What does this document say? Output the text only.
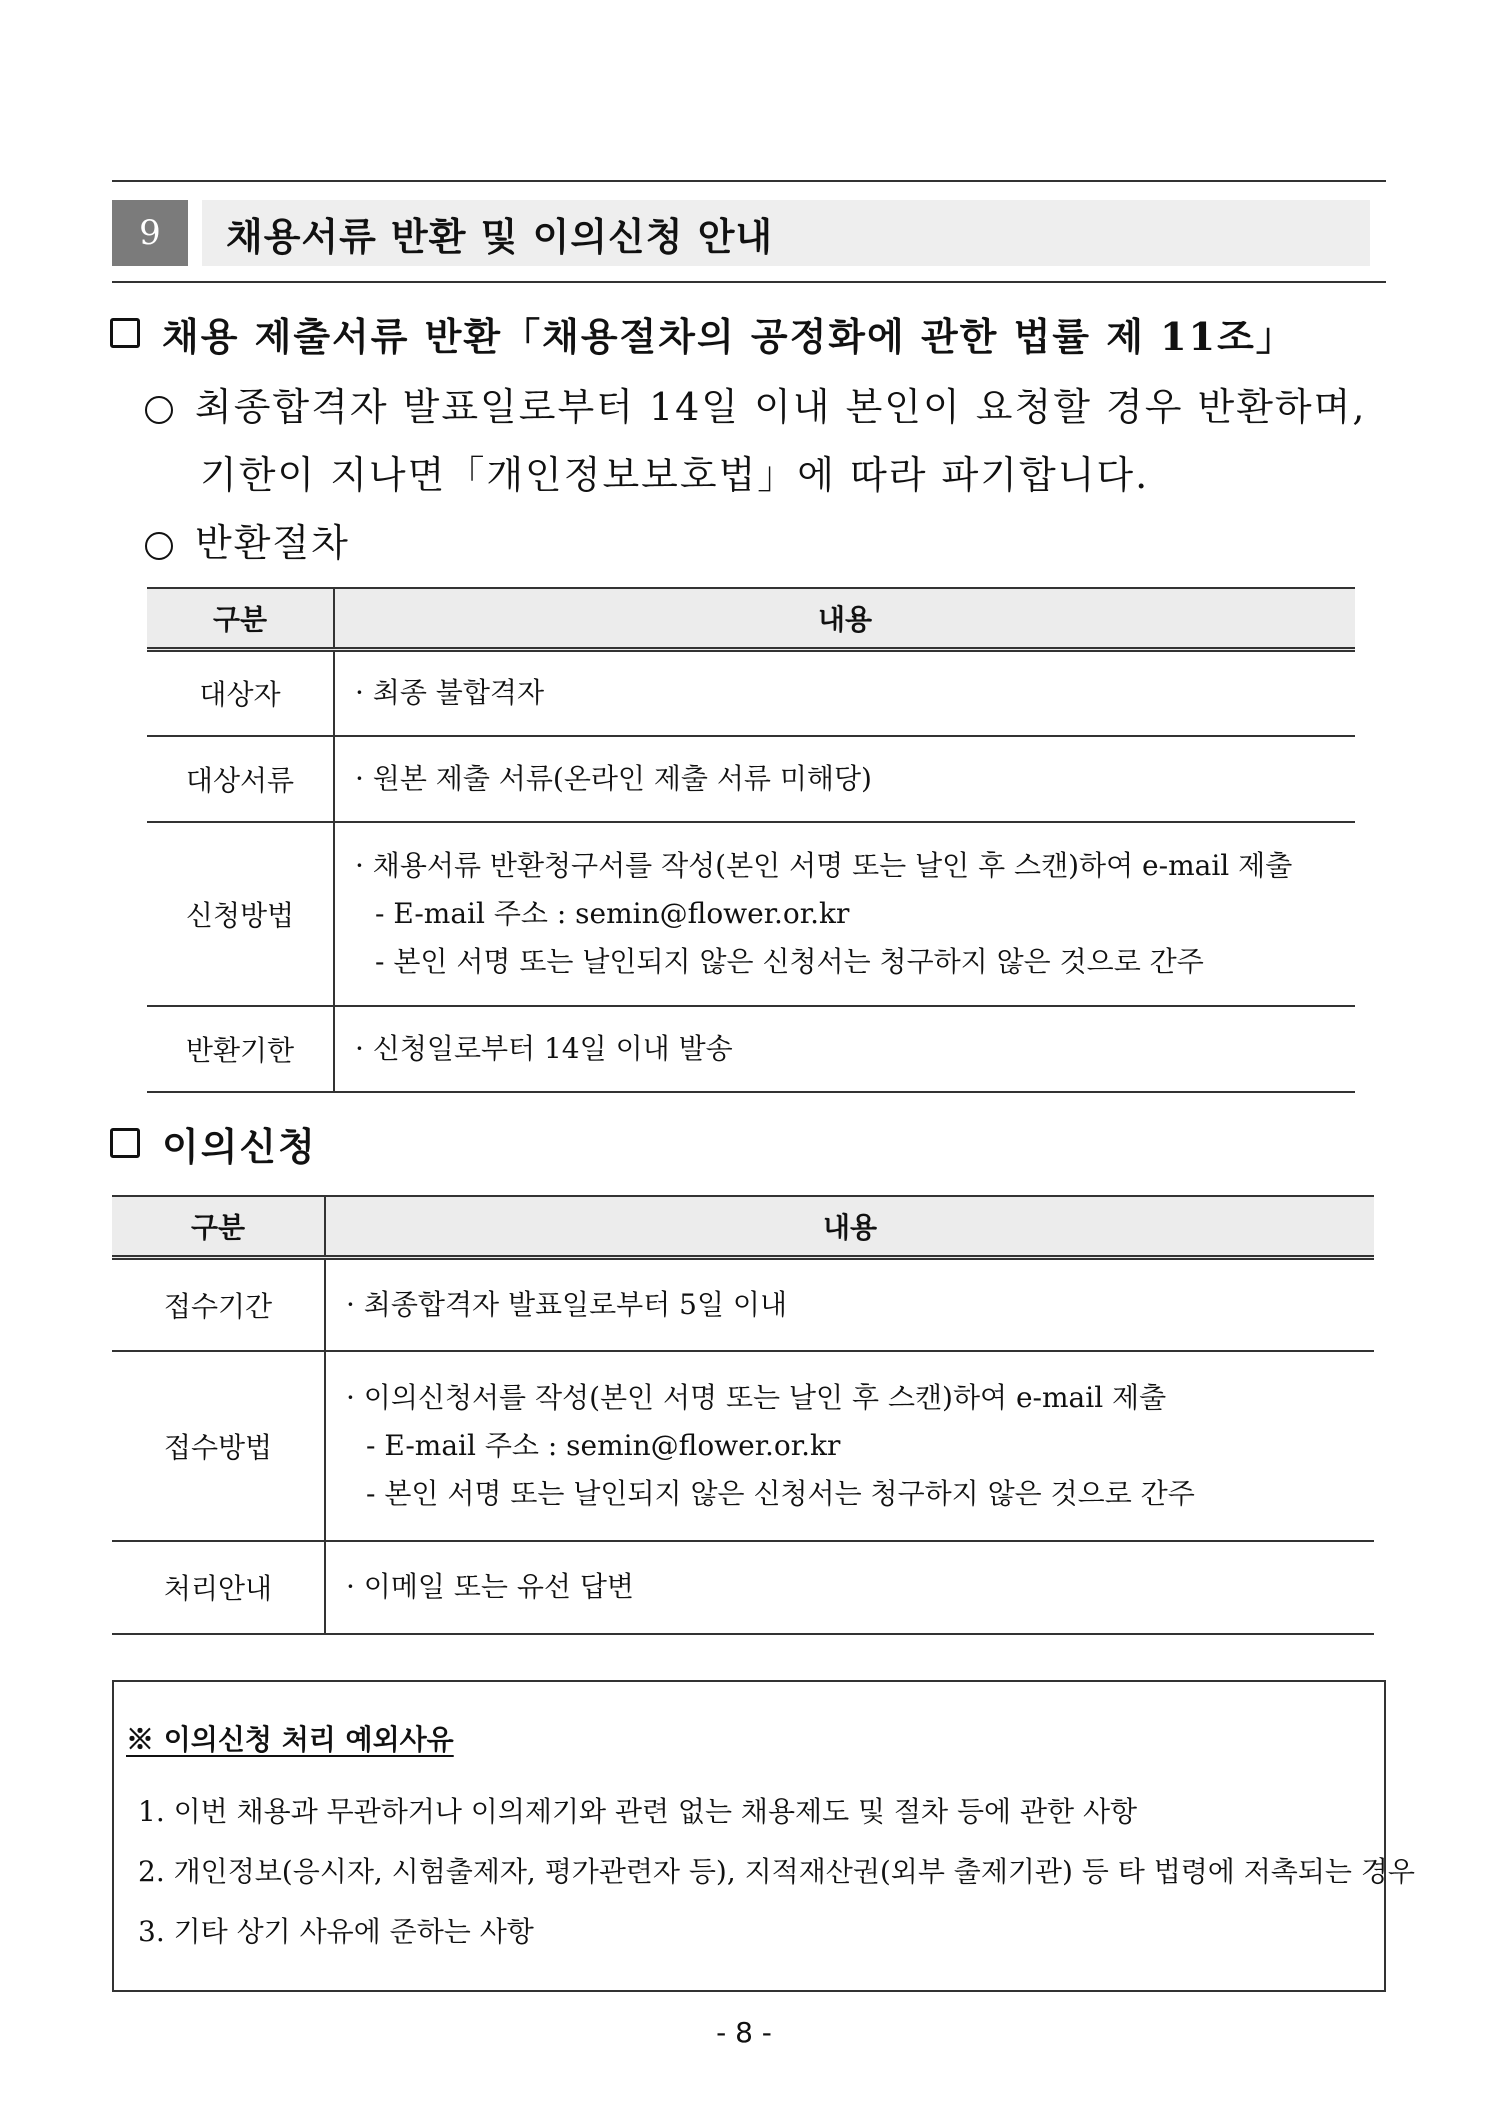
9	채용서류 반환 및 이의신청 안내
채용 제출서류 반환「채용절차의 공정화에 관한 법률 제 11조」
최종합격자 발표일로부터 14일 이내 본인이 요청할 경우 반환하며,
기한이 지나면「개인정보보호법」에 따라 파기합니다.
반환절차
구분	내용
대상자	· 최종 불합격자

대상서류	· 원본 제출 서류(온라인 제출 서류 미해당)

신청방법	· 채용서류 반환청구서를 작성(본인 서명 또는 날인 후 스캔)하여 e-mail 제출
- E-mail 주소 : semin@flower.or.kr
- 본인 서명 또는 날인되지 않은 신청서는 청구하지 않은 것으로 간주

반환기한	· 신청일로부터 14일 이내 발송
이의신청
구분	내용
접수기간	· 최종합격자 발표일로부터 5일 이내

접수방법	· 이의신청서를 작성(본인 서명 또는 날인 후 스캔)하여 e-mail 제출
- E-mail 주소 : semin@flower.or.kr
- 본인 서명 또는 날인되지 않은 신청서는 청구하지 않은 것으로 간주

처리안내	· 이메일 또는 유선 답변
※ 이의신청 처리 예외사유
1. 이번 채용과 무관하거나 이의제기와 관련 없는 채용제도 및 절차 등에 관한 사항
2. 개인정보(응시자, 시험출제자, 평가관련자 등), 지적재산권(외부 출제기관) 등 타 법령에 저촉되는 경우
3. 기타 상기 사유에 준하는 사항
- 8 -
